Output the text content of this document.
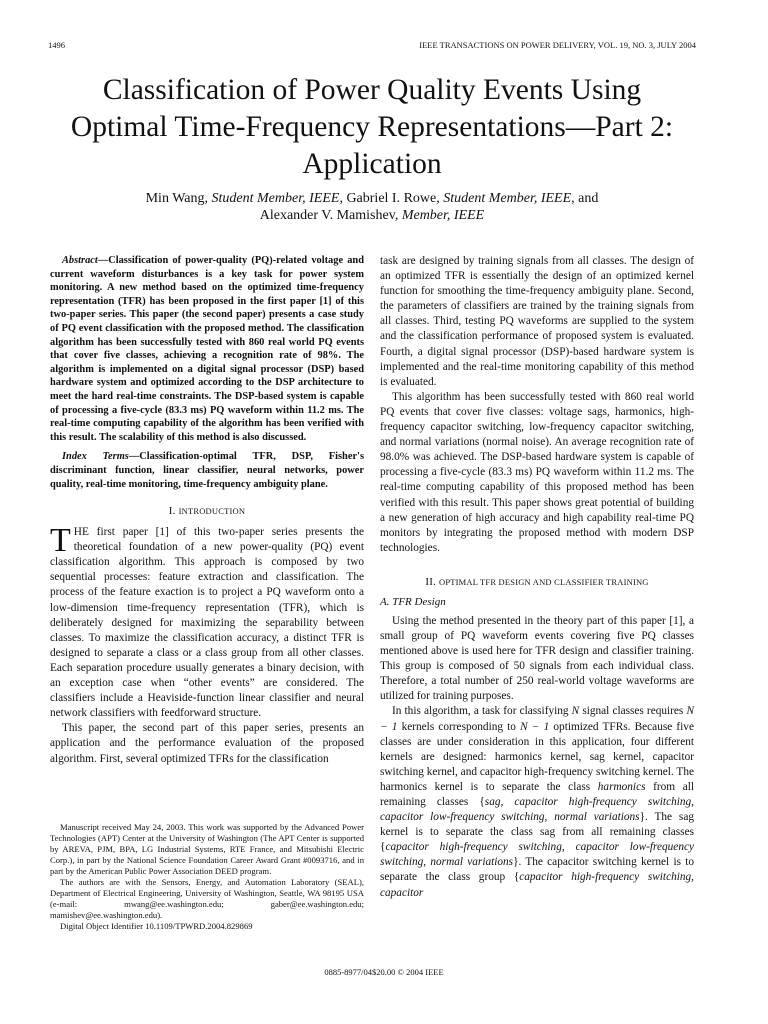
1496	IEEE TRANSACTIONS ON POWER DELIVERY, VOL. 19, NO. 3, JULY 2004
Classification of Power Quality Events Using
Optimal Time-Frequency Representations—Part 2:
Application
Min Wang, Student Member, IEEE, Gabriel I. Rowe, Student Member, IEEE, and
Alexander V. Mamishev, Member, IEEE

Abstract—Classification of power-quality (PQ)-related voltage and current waveform disturbances is a key task for power system monitoring. A new method based on the optimized time-frequency representation (TFR) has been proposed in the first paper [1] of this two-paper series. This paper (the second paper) presents a case study of PQ event classification with the proposed method. The classification algorithm has been successfully tested with 860 real world PQ events that cover five classes, achieving a recognition rate of 98%. The algorithm is implemented on a digital signal processor (DSP) based hardware system and optimized according to the DSP architecture to meet the hard real-time constraints. The DSP-based system is capable of processing a five-cycle (83.3 ms) PQ waveform within 11.2 ms. The real-time computing capability of the algorithm has been verified with this result. The scalability of this method is also discussed.

Index Terms—Classification-optimal TFR, DSP, Fisher's discriminant function, linear classifier, neural networks, power quality, real-time monitoring, time-frequency ambiguity plane.

I. INTRODUCTION

THE first paper [1] of this two-paper series presents the theoretical foundation of a new power-quality (PQ) event classification algorithm. This approach is composed by two sequential processes: feature extraction and classification. The process of the feature exaction is to project a PQ waveform onto a low-dimension time-frequency representation (TFR), which is deliberately designed for maximizing the separability between classes. To maximize the classification accuracy, a distinct TFR is designed to separate a class or a class group from all other classes. Each separation procedure usually generates a binary decision, with an exception case when “other events” are considered. The classifiers include a Heaviside-function linear classifier and neural network classifiers with feedforward structure.

This paper, the second part of this paper series, presents an application and the performance evaluation of the proposed algorithm. First, several optimized TFRs for the classification

Manuscript received May 24, 2003. This work was supported by the Advanced Power Technologies (APT) Center at the University of Washington (The APT Center is supported by AREVA, PJM, BPA, LG Industrial Systems, RTE France, and Mitsubishi Electric Corp.), in part by the National Science Foundation Career Award Grant #0093716, and in part by the American Public Power Association DEED program.

The authors are with the Sensors, Energy, and Automation Laboratory (SEAL), Department of Electrical Engineering, University of Washington, Seattle, WA 98195 USA (e-mail: mwang@ee.washington.edu; gaber@ee.washington.edu; mamishev@ee.washington.edu).

Digital Object Identifier 10.1109/TPWRD.2004.829869

task are designed by training signals from all classes. The design of an optimized TFR is essentially the design of an optimized kernel function for smoothing the time-frequency ambiguity plane. Second, the parameters of classifiers are trained by the training signals from all classes. Third, testing PQ waveforms are supplied to the system and the classification performance of proposed system is evaluated. Fourth, a digital signal processor (DSP)-based hardware system is implemented and the real-time monitoring capability of this method is evaluated.

This algorithm has been successfully tested with 860 real world PQ events that cover five classes: voltage sags, harmonics, high-frequency capacitor switching, low-frequency capacitor switching, and normal variations (normal noise). An average recognition rate of 98.0% was achieved. The DSP-based hardware system is capable of processing a five-cycle (83.3 ms) PQ waveform within 11.2 ms. The real-time computing capability of this proposed method has been verified with this result. This paper shows great potential of building a new generation of high accuracy and high capability real-time PQ monitors by integrating the proposed method with modern DSP technologies.

II. OPTIMAL TFR DESIGN AND CLASSIFIER TRAINING
A. TFR Design

Using the method presented in the theory part of this paper [1], a small group of PQ waveform events covering five PQ classes mentioned above is used here for TFR design and classifier training. This group is composed of 50 signals from each individual class. Therefore, a total number of 250 real-world voltage waveforms are utilized for training purposes.

In this algorithm, a task for classifying N signal classes requires N − 1 kernels corresponding to N − 1 optimized TFRs. Because five classes are under consideration in this application, four different kernels are designed: harmonics kernel, sag kernel, capacitor switching kernel, and capacitor high-frequency switching kernel. The harmonics kernel is to separate the class harmonics from all remaining classes {sag, capacitor high-frequency switching, capacitor low-frequency switching, normal variations}. The sag kernel is to separate the class sag from all remaining classes {capacitor high-frequency switching, capacitor low-frequency switching, normal variations}. The capacitor switching kernel is to separate the class group {capacitor high-frequency switching, capacitor

0885-8977/04$20.00 © 2004 IEEE
